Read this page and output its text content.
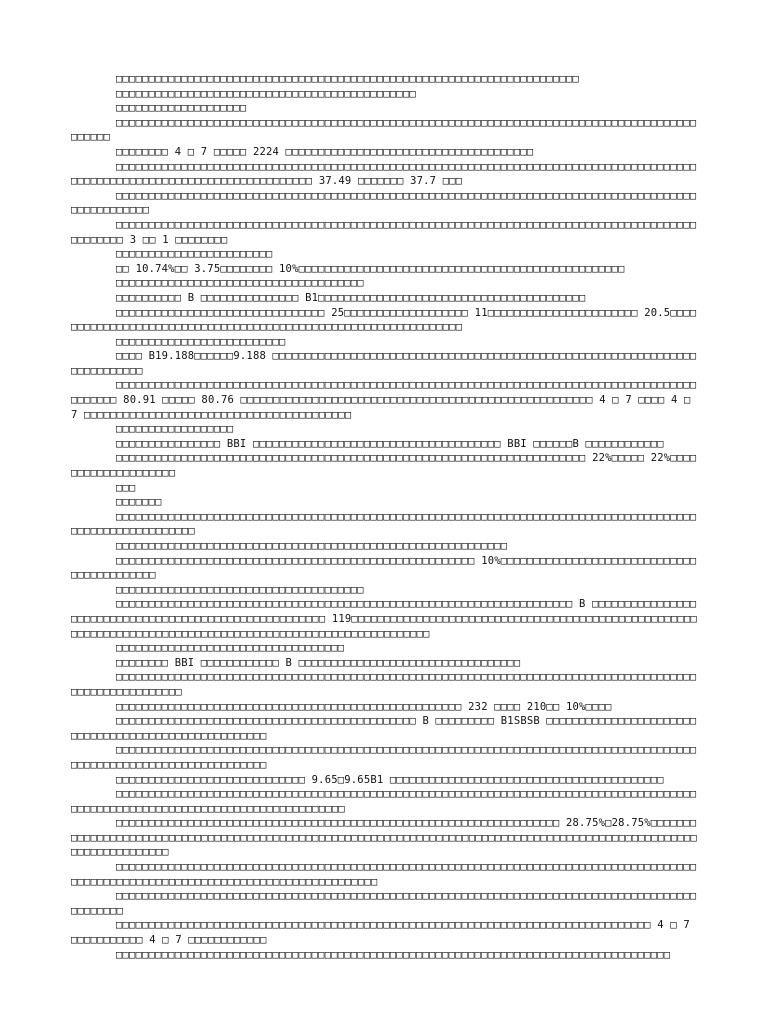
□□□□□□□□□□□□□□□□□□□□□□□□□□□□□□□□□□□□□□□□□□□□□□□□□□□□□□□□□□□□□□□□□□□□□□□

□□□□□□□□□□□□□□□□□□□□□□□□□□□□□□□□□□□□□□□□□□□□□□

□□□□□□□□□□□□□□□□□□□□

□□□□□□□□□□□□□□□□□□□□□□□□□□□□□□□□□□□□□□□□□□□□□□□□□□□□□□□□□□□□□□□□□□□□□□□□□□□□□□□□□□□□□□□□□□□□□□□

□□□□□□□□ 4 □ 7 □□□□□ 2224 □□□□□□□□□□□□□□□□□□□□□□□□□□□□□□□□□□□□□□

□□□□□□□□□□□□□□□□□□□□□□□□□□□□□□□□□□□□□□□□□□□□□□□□□□□□□□□□□□□□□□□□□□□□□□□□□□□□□□□□□□□□□□□□□□□□□□□□□□□□□□□□□□□□□□□□□□□□□□□□□□□□□□ 37.49 □□□□□□□ 37.7 □□□

□□□□□□□□□□□□□□□□□□□□□□□□□□□□□□□□□□□□□□□□□□□□□□□□□□□□□□□□□□□□□□□□□□□□□□□□□□□□□□□□□□□□□□□□□□□□□□□□□□□□□

□□□□□□□□□□□□□□□□□□□□□□□□□□□□□□□□□□□□□□□□□□□□□□□□□□□□□□□□□□□□□□□□□□□□□□□□□□□□□□□□□□□□□□□□□□□□□□□□□ 3 □□ 1 □□□□□□□□

□□□□□□□□□□□□□□□□□□□□□□□□

□□ 10.74%□□ 3.75□□□□□□□□ 10%□□□□□□□□□□□□□□□□□□□□□□□□□□□□□□□□□□□□□□□□□□□□□□□□□□

□□□□□□□□□□□□□□□□□□□□□□□□□□□□□□□□□□□□□□

□□□□□□□□□□ B □□□□□□□□□□□□□□□ B1□□□□□□□□□□□□□□□□□□□□□□□□□□□□□□□□□□□□□□□□□

□□□□□□□□□□□□□□□□□□□□□□□□□□□□□□□□ 25□□□□□□□□□□□□□□□□□□□ 11□□□□□□□□□□□□□□□□□□□□□□□ 20.5□□□□□□□□□□□□□□□□□□□□□□□□□□□□□□□□□□□□□□□□□□□□□□□□□□□□□□□□□□□□□□□□

□□□□□□□□□□□□□□□□□□□□□□□□□□

□□□□ B19.188□□□□□□9.188 □□□□□□□□□□□□□□□□□□□□□□□□□□□□□□□□□□□□□□□□□□□□□□□□□□□□□□□□□□□□□□□□□□□□□□□□□□□□

□□□□□□□□□□□□□□□□□□□□□□□□□□□□□□□□□□□□□□□□□□□□□□□□□□□□□□□□□□□□□□□□□□□□□□□□□□□□□□□□□□□□□□□□□□□□□□□□ 80.91 □□□□□ 80.76 □□□□□□□□□□□□□□□□□□□□□□□□□□□□□□□□□□□□□□□□□□□□□□□□□□□□□□ 4 □ 7 □□□□ 4 □ 7 □□□□□□□□□□□□□□□□□□□□□□□□□□□□□□□□□□□□□□□□□

□□□□□□□□□□□□□□□□□□

□□□□□□□□□□□□□□□□ BBI □□□□□□□□□□□□□□□□□□□□□□□□□□□□□□□□□□□□□□ BBI □□□□□□B □□□□□□□□□□□□

□□□□□□□□□□□□□□□□□□□□□□□□□□□□□□□□□□□□□□□□□□□□□□□□□□□□□□□□□□□□□□□□□□□□□□□□ 22%□□□□□ 22%□□□□□□□□□□□□□□□□□□□□

□□□

□□□□□□□

□□□□□□□□□□□□□□□□□□□□□□□□□□□□□□□□□□□□□□□□□□□□□□□□□□□□□□□□□□□□□□□□□□□□□□□□□□□□□□□□□□□□□□□□□□□□□□□□□□□□□□□□□□□□

□□□□□□□□□□□□□□□□□□□□□□□□□□□□□□□□□□□□□□□□□□□□□□□□□□□□□□□□□□□□

□□□□□□□□□□□□□□□□□□□□□□□□□□□□□□□□□□□□□□□□□□□□□□□□□□□□□□□ 10%□□□□□□□□□□□□□□□□□□□□□□□□□□□□□□□□□□□□□□□□□□□

□□□□□□□□□□□□□□□□□□□□□□□□□□□□□□□□□□□□□□

□□□□□□□□□□□□□□□□□□□□□□□□□□□□□□□□□□□□□□□□□□□□□□□□□□□□□□□□□□□□□□□□□□□□□□ B □□□□□□□□□□□□□□□□□□□□□□□□□□□□□□□□□□□□□□□□□□□□□□□□□□□□□□□ 119□□□□□□□□□□□□□□□□□□□□□□□□□□□□□□□□□□□□□□□□□□□□□□□□□□□□□□□□□□□□□□□□□□□□□□□□□□□□□□□□□□□□□□□□□□□□□□□□□□□□□□□□□□□□

□□□□□□□□□□□□□□□□□□□□□□□□□□□□□□□□□□□

□□□□□□□□ BBI □□□□□□□□□□□□ B □□□□□□□□□□□□□□□□□□□□□□□□□□□□□□□□□□

□□□□□□□□□□□□□□□□□□□□□□□□□□□□□□□□□□□□□□□□□□□□□□□□□□□□□□□□□□□□□□□□□□□□□□□□□□□□□□□□□□□□□□□□□□□□□□□□□□□□□□□□□□

□□□□□□□□□□□□□□□□□□□□□□□□□□□□□□□□□□□□□□□□□□□□□□□□□□□□□ 232 □□□□ 210□□ 10%□□□□

□□□□□□□□□□□□□□□□□□□□□□□□□□□□□□□□□□□□□□□□□□□□□□ B □□□□□□□□□ B1SBSB □□□□□□□□□□□□□□□□□□□□□□□□□□□□□□□□□□□□□□□□□□□□□□□□□□□□□

□□□□□□□□□□□□□□□□□□□□□□□□□□□□□□□□□□□□□□□□□□□□□□□□□□□□□□□□□□□□□□□□□□□□□□□□□□□□□□□□□□□□□□□□□□□□□□□□□□□□□□□□□□□□□□□□□□□□□□□

□□□□□□□□□□□□□□□□□□□□□□□□□□□□□ 9.65□9.65B1 □□□□□□□□□□□□□□□□□□□□□□□□□□□□□□□□□□□□□□□□□□

□□□□□□□□□□□□□□□□□□□□□□□□□□□□□□□□□□□□□□□□□□□□□□□□□□□□□□□□□□□□□□□□□□□□□□□□□□□□□□□□□□□□□□□□□□□□□□□□□□□□□□□□□□□□□□□□□□□□□□□□□□□□□□□□□□□

□□□□□□□□□□□□□□□□□□□□□□□□□□□□□□□□□□□□□□□□□□□□□□□□□□□□□□□□□□□□□□□□□□□□ 28.75%□28.75%□□□□□□□□□□□□□□□□□□□□□□□□□□□□□□□□□□□□□□□□□□□□□□□□□□□□□□□□□□□□□□□□□□□□□□□□□□□□□□□□□□□□□□□□□□□□□□□□□□□□□□□□□□□□□□□□□□□□□□

□□□□□□□□□□□□□□□□□□□□□□□□□□□□□□□□□□□□□□□□□□□□□□□□□□□□□□□□□□□□□□□□□□□□□□□□□□□□□□□□□□□□□□□□□□□□□□□□□□□□□□□□□□□□□□□□□□□□□□□□□□□□□□□□□□□□□□□□

□□□□□□□□□□□□□□□□□□□□□□□□□□□□□□□□□□□□□□□□□□□□□□□□□□□□□□□□□□□□□□□□□□□□□□□□□□□□□□□□□□□□□□□□□□□□□□□□□

□□□□□□□□□□□□□□□□□□□□□□□□□□□□□□□□□□□□□□□□□□□□□□□□□□□□□□□□□□□□□□□□□□□□□□□□□□□□□□□□□□ 4 □ 7 □□□□□□□□□□□ 4 □ 7 □□□□□□□□□□□□

□□□□□□□□□□□□□□□□□□□□□□□□□□□□□□□□□□□□□□□□□□□□□□□□□□□□□□□□□□□□□□□□□□□□□□□□□□□□□□□□□□□□□
